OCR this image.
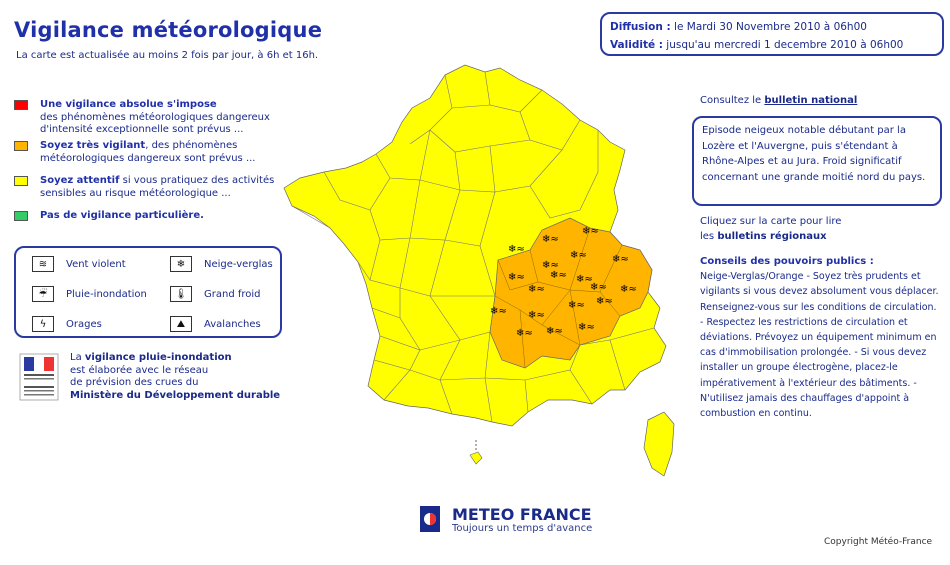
Vigilance météorologique
La carte est actualisée au moins 2 fois par jour, à 6h et 16h.
Une vigilance absolue s'impose
des phénomènes météorologiques dangereux d'intensité exceptionnelle sont prévus ...
Soyez très vigilant, des phénomènes météorologiques dangereux sont prévus ...
Soyez attentif si vous pratiquez des activités sensibles au risque météorologique ...
Pas de vigilance particulière.
≋	Vent violent	❄	Neige-verglas
☔	Pluie-inondation	🌡	Grand froid
ϟ	Orages	⛰	Avalanches
La vigilance pluie-inondation
est élaborée avec le réseau
de prévision des crues du
Ministère du Développement durable
❄≈
❄≈
❄≈
❄≈
❄≈
❄≈	❄≈
❄≈
❄≈
❄≈
❄≈
❄≈ ❄≈
❄≈ ❄≈
❄≈ ❄≈ ❄≈
❄≈
Diffusion : le Mardi 30 Novembre 2010 à 06h00
Validité : jusqu'au mercredi 1 decembre 2010 à 06h00
Consultez le bulletin national
Episode neigeux notable débutant par la Lozère et l'Auvergne, puis s'étendant à Rhône-Alpes et au Jura. Froid significatif concernant une grande moitié nord du pays.
Cliquez sur la carte pour lire
les bulletins régionaux
Conseils des pouvoirs publics :
Neige-Verglas/Orange - Soyez très prudents et vigilants si vous devez absolument vous déplacer. Renseignez-vous sur les conditions de circulation. - Respectez les restrictions de circulation et déviations. Prévoyez un équipement minimum en cas d'immobilisation prolongée. - Si vous devez installer un groupe électrogène, placez-le impérativement à l'extérieur des bâtiments. - N'utilisez jamais des chauffages d'appoint à combustion en continu.
METEO FRANCE
Toujours un temps d'avance
Copyright Météo-France
